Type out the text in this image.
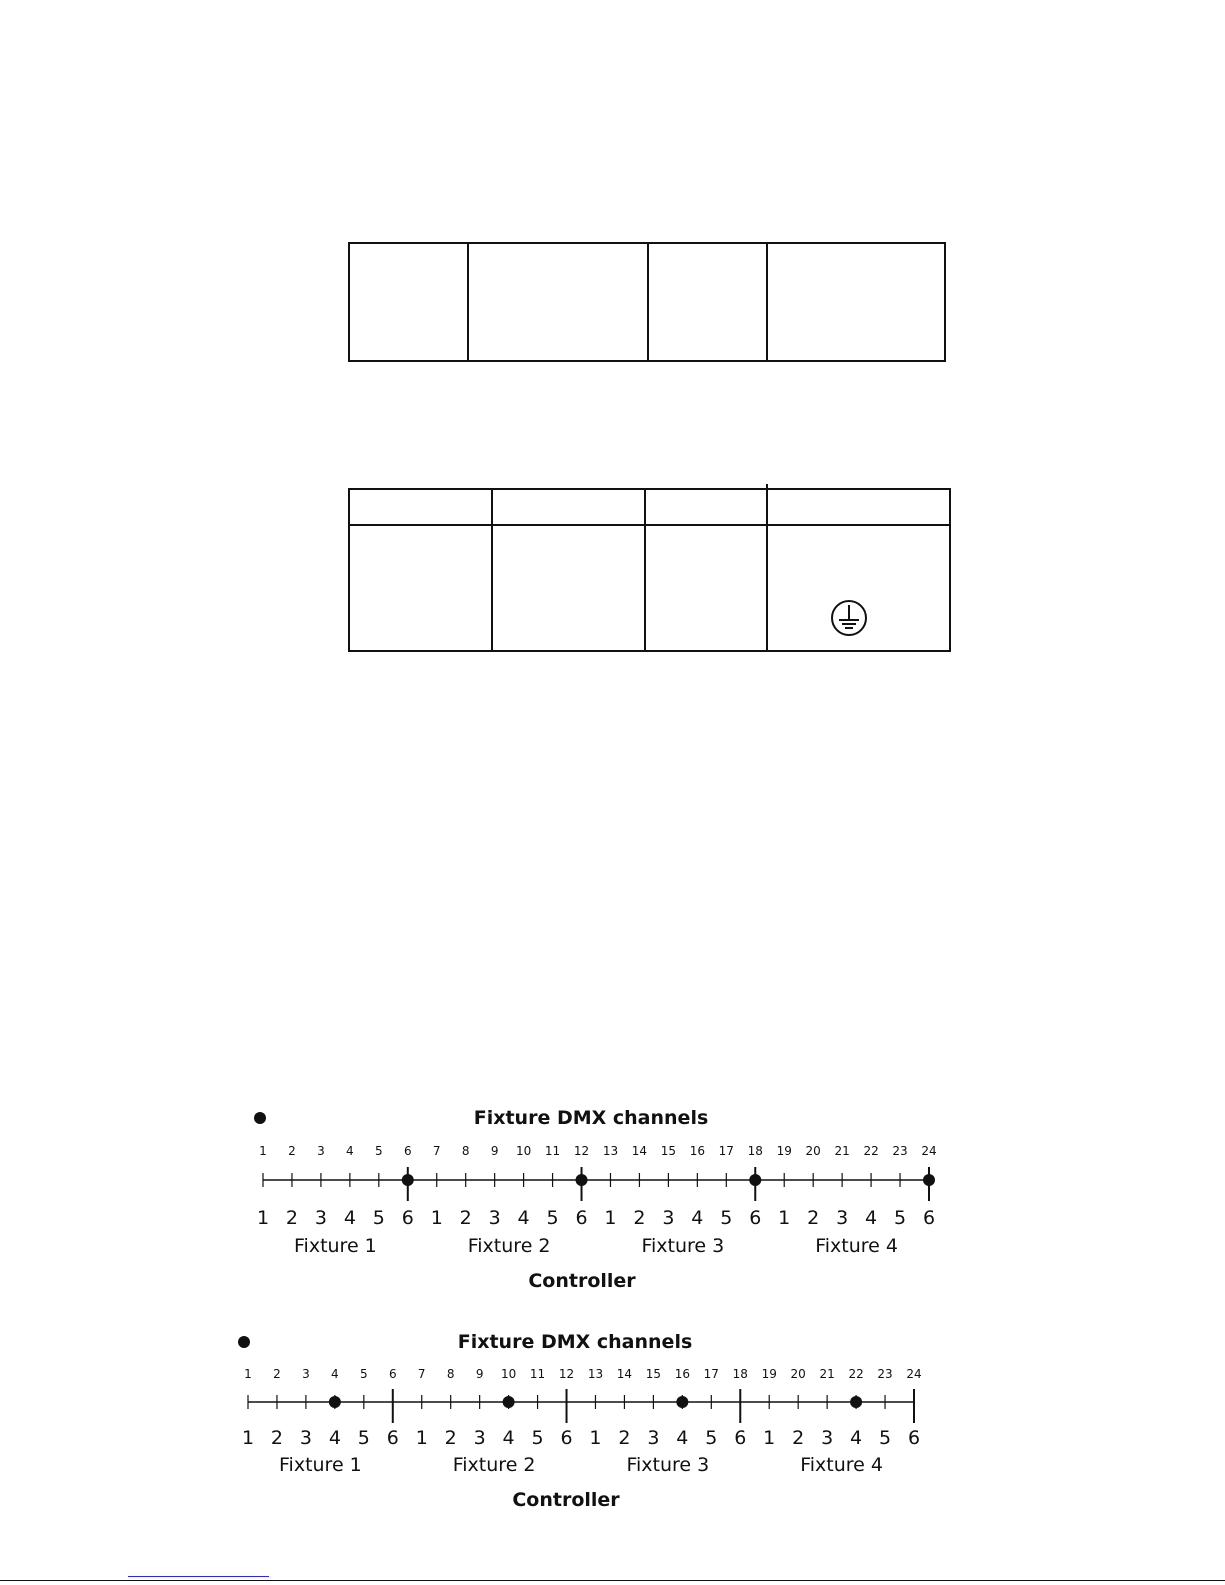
Fixture DMX channels
1 2 3 4 5 6 7 8 9 10 11 12 13 14 15 16 17 18 19 20 21 22 23 24
1 2 3 4 5 6 1 2 3 4 5 6 1 2 3 4 5 6 1 2 3 4 5 6
Fixture 1	Fixture 2	Fixture 3	Fixture 4
Controller
Fixture DMX channels
1 2 3 4 5 6 7 8 9 10 11 12 13 14 15 16 17 18 19 20 21 22 23 24
1 2 3 4 5 6 1 2 3 4 5 6 1 2 3 4 5 6 1 2 3 4 5 6
Fixture 1	Fixture 2	Fixture 3	Fixture 4
Controller
